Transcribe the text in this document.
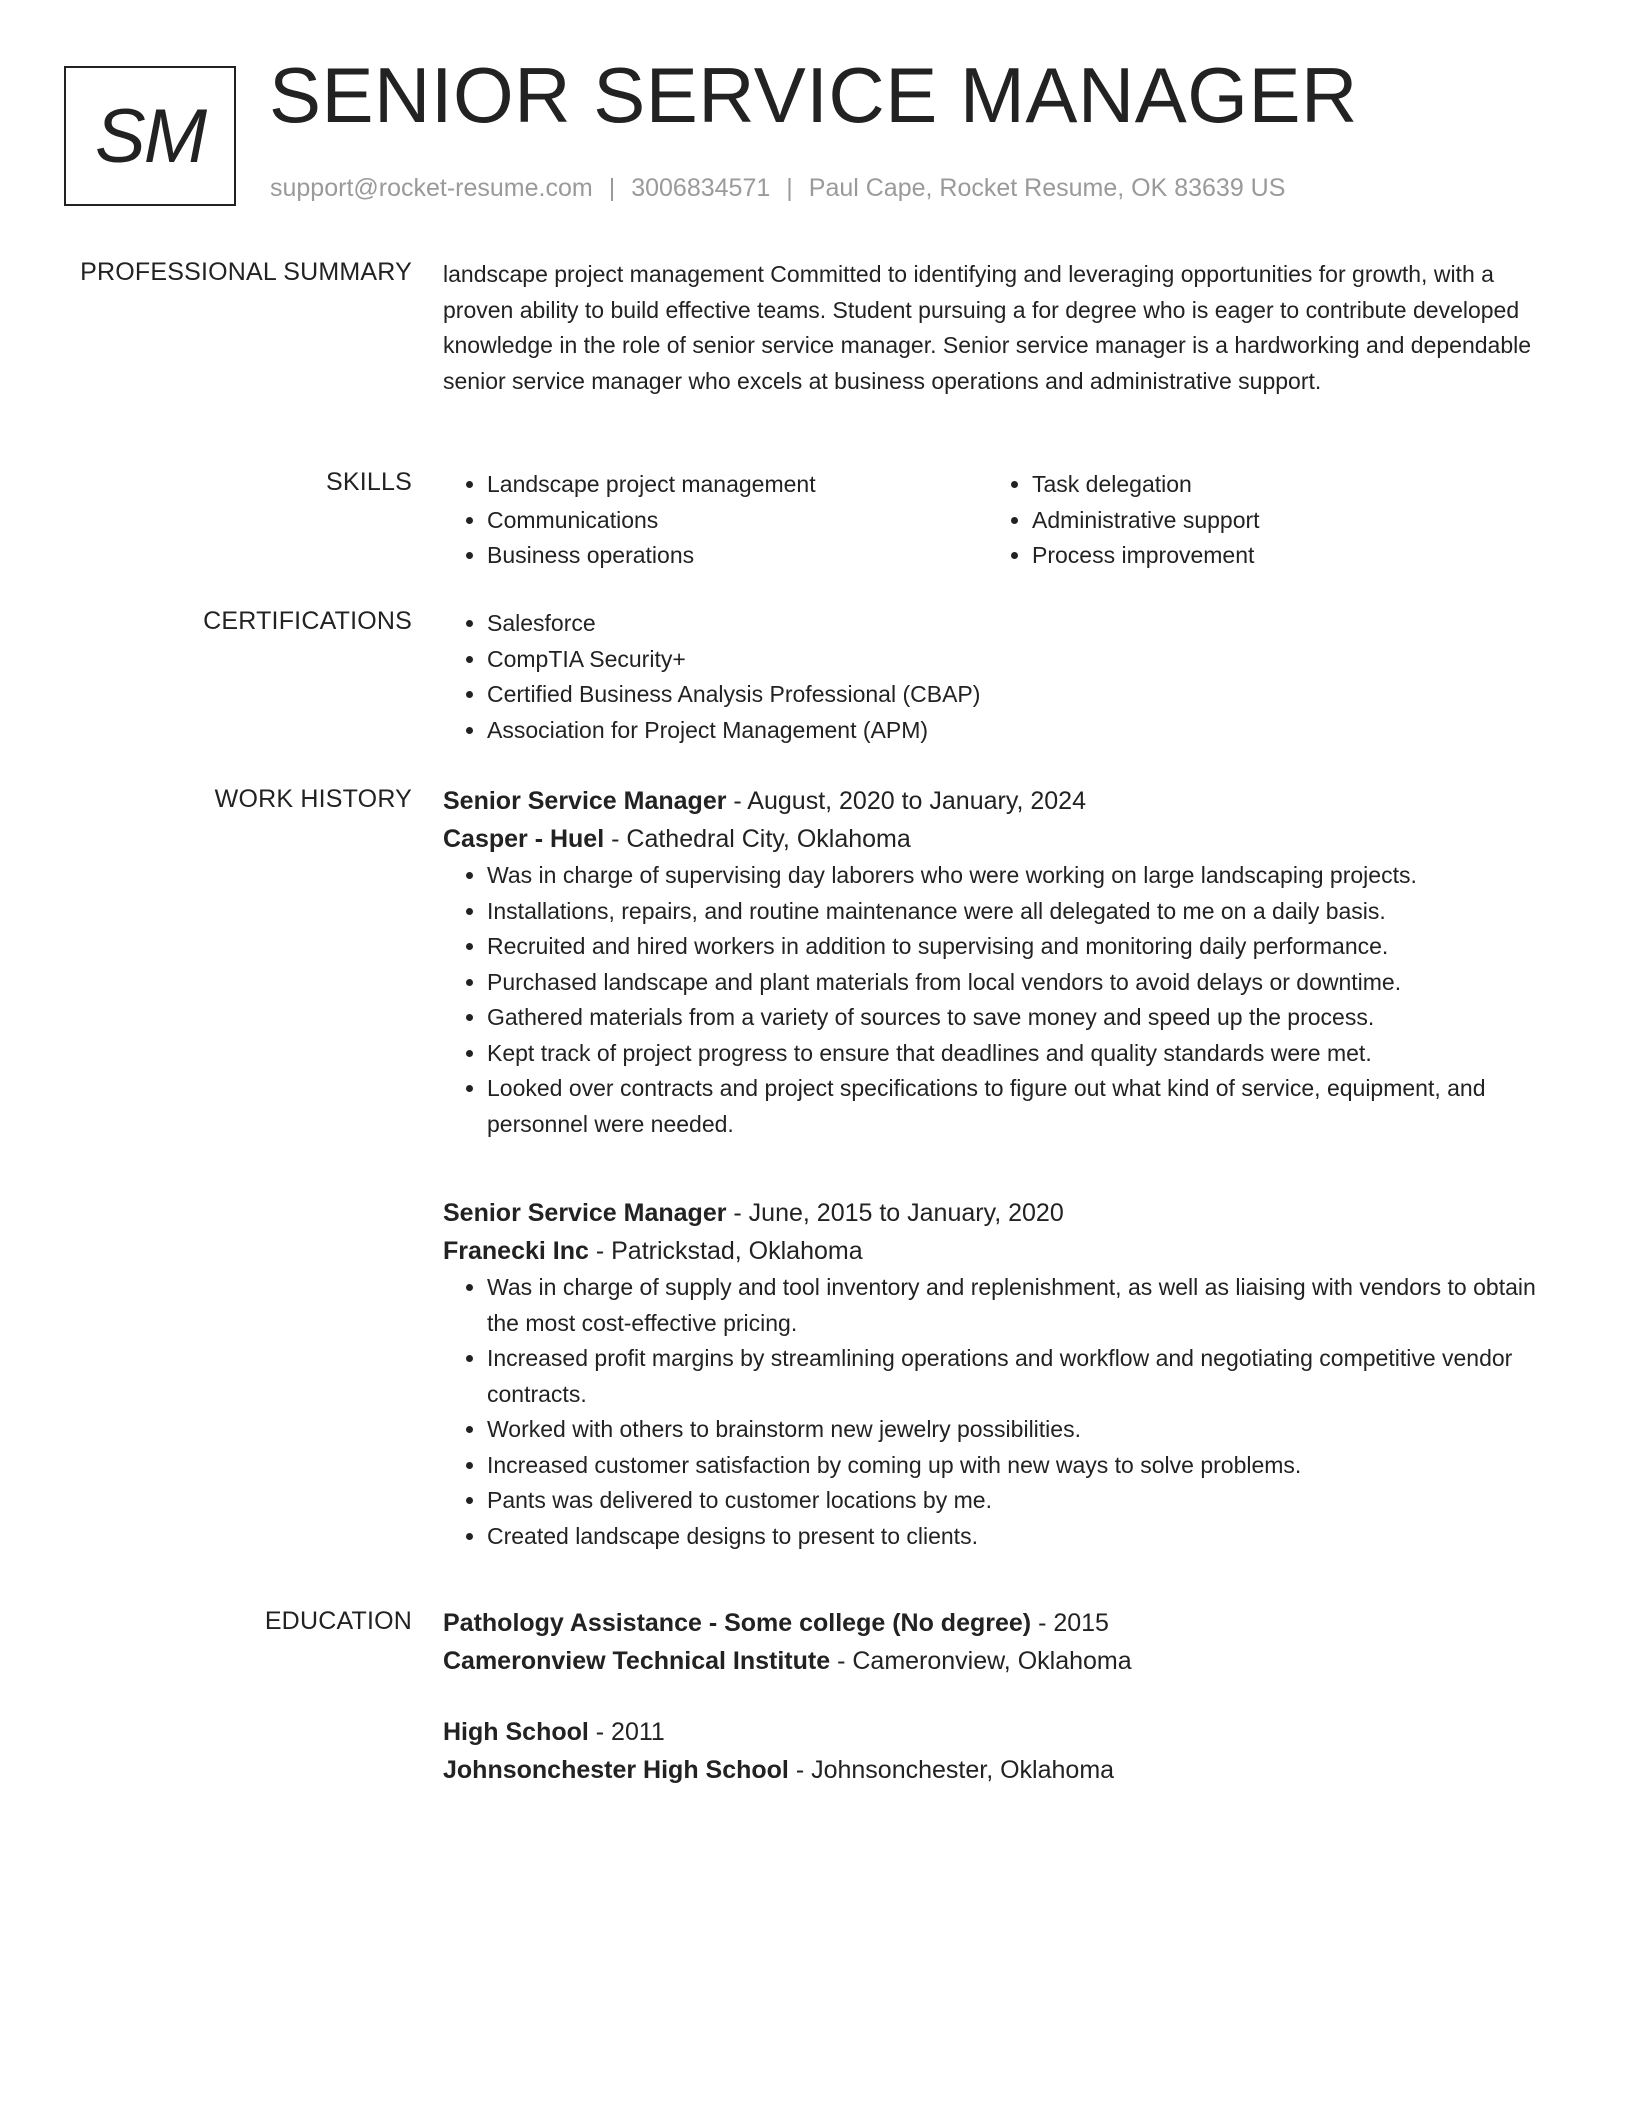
SM SENIOR SERVICE MANAGER
support@rocket-resume.com | 3006834571 | Paul Cape, Rocket Resume, OK 83639 US
PROFESSIONAL SUMMARY landscape project management Committed to identifying and leveraging opportunities for growth, with a proven ability to build effective teams. Student pursuing a for degree who is eager to contribute developed knowledge in the role of senior service manager. Senior service manager is a hardworking and dependable senior service manager who excels at business operations and administrative support.

SKILLS	• Landscape project management
• Communications
• Business operations
• Task delegation
• Administrative support
• Process improvement
CERTIFICATIONS	• Salesforce
• CompTIA Security+
• Certified Business Analysis Professional (CBAP)
• Association for Project Management (APM)
WORK HISTORY Senior Service Manager - August, 2020 to January, 2024
Casper - Huel - Cathedral City, Oklahoma
• Was in charge of supervising day laborers who were working on large landscaping projects.
• Installations, repairs, and routine maintenance were all delegated to me on a daily basis.
• Recruited and hired workers in addition to supervising and monitoring daily performance.
• Purchased landscape and plant materials from local vendors to avoid delays or downtime.
• Gathered materials from a variety of sources to save money and speed up the process.
• Kept track of project progress to ensure that deadlines and quality standards were met.
• Looked over contracts and project specifications to figure out what kind of service, equipment, and personnel were needed.
Senior Service Manager - June, 2015 to January, 2020
Franecki Inc - Patrickstad, Oklahoma
• Was in charge of supply and tool inventory and replenishment, as well as liaising with vendors to obtain the most cost-effective pricing.
• Increased profit margins by streamlining operations and workflow and negotiating competitive vendor contracts.
• Worked with others to brainstorm new jewelry possibilities.
• Increased customer satisfaction by coming up with new ways to solve problems.
• Pants was delivered to customer locations by me.
• Created landscape designs to present to clients.
EDUCATION Pathology Assistance - Some college (No degree) - 2015
Cameronview Technical Institute - Cameronview, Oklahoma
High School - 2011
Johnsonchester High School - Johnsonchester, Oklahoma
